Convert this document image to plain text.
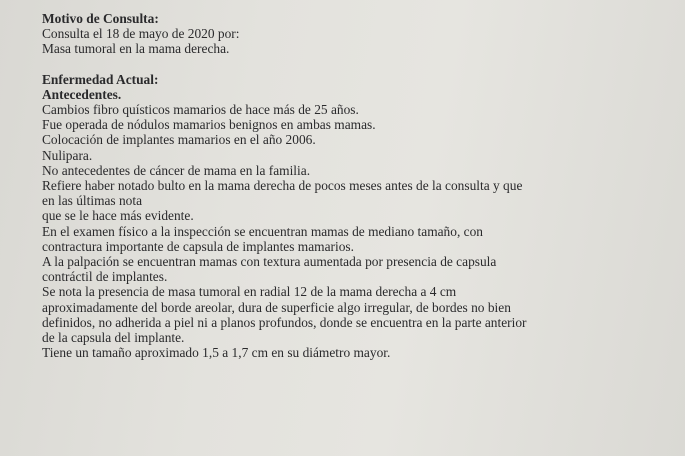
Motivo de Consulta:
Consulta el 18 de mayo de 2020 por:
Masa tumoral en la mama derecha.
Enfermedad Actual:
Antecedentes.
Cambios fibro quísticos mamarios de hace más de 25 años.
Fue operada de nódulos mamarios benignos en ambas mamas.
Colocación de implantes mamarios en el año 2006.
Nulipara.
No antecedentes de cáncer de mama en la familia.
Refiere haber notado bulto en la mama derecha de pocos meses antes de la consulta y que
en las últimas nota
que se le hace más evidente.
En el examen físico a la inspección se encuentran mamas de mediano tamaño, con
contractura importante de capsula de implantes mamarios.
A la palpación se encuentran mamas con textura aumentada por presencia de capsula
contráctil de implantes.
Se nota la presencia de masa tumoral en radial 12 de la mama derecha a 4 cm
aproximadamente del borde areolar, dura de superficie algo irregular, de bordes no bien
definidos, no adherida a piel ni a planos profundos, donde se encuentra en la parte anterior
de la capsula del implante.
Tiene un tamaño aproximado 1,5 a 1,7 cm en su diámetro mayor.
